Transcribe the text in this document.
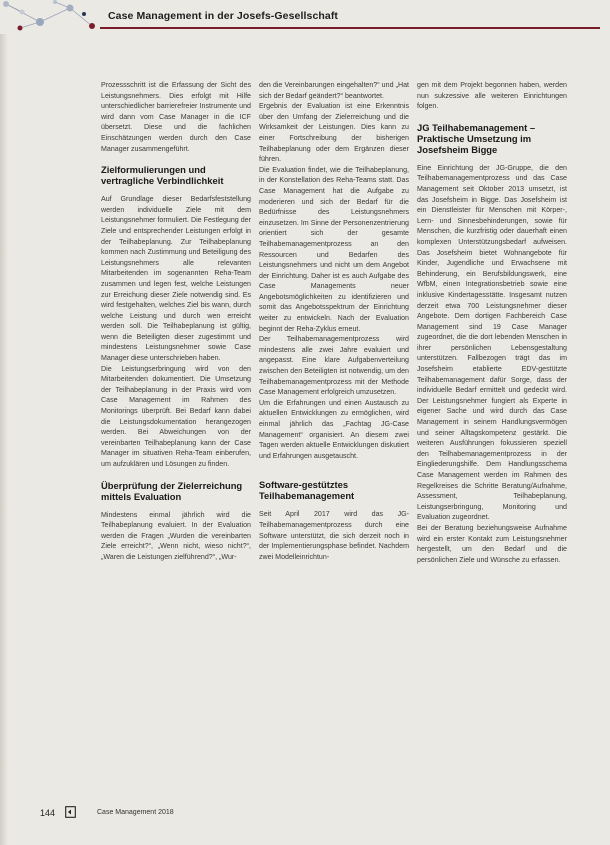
Case Management in der Josefs-Gesellschaft

Prozessschritt ist die Erfassung der Sicht des Leistungsnehmers. Dies erfolgt mit Hilfe unterschiedlicher barrierefreier Instrumente und wird dann vom Case Manager in die ICF übersetzt. Diese und die fachlichen Einschätzungen werden durch den Case Manager zusammengeführt.

Zielformulierungen und vertragliche Verbindlichkeit

Auf Grundlage dieser Bedarfsfeststellung werden individuelle Ziele mit dem Leistungsnehmer formuliert. Die Festlegung der Ziele und entsprechender Leistungen erfolgt in der Teilhabeplanung. Zur Teilhabeplanung kommen nach Zustimmung und Beteiligung des Leistungsnehmers alle relevanten Mitarbeitenden im sogenannten Reha-Team zusammen und legen fest, welche Leistungen zur Erreichung dieser Ziele notwendig sind. Es wird festgehalten, welches Ziel bis wann, durch welche Leistung und durch wen erreicht werden soll. Die Teilhabeplanung ist gültig, wenn die Beteiligten dieser zugestimmt und mindestens Leistungsnehmer sowie Case Manager diese unterschrieben haben.

Die Leistungserbringung wird von den Mitarbeitenden dokumentiert. Die Umsetzung der Teilhabeplanung in der Praxis wird vom Case Management im Rahmen des Monitorings überprüft. Bei Bedarf kann dabei die Leistungsdokumentation herangezogen werden. Bei Abweichungen von der vereinbarten Teilhabeplanung kann der Case Manager im situativen Reha-Team einberufen, um aufzuklären und Lösungen zu finden.

Überprüfung der Zielerreichung mittels Evaluation

Mindestens einmal jährlich wird die Teilhabeplanung evaluiert. In der Evaluation werden die Fragen „Wurden die vereinbarten Ziele erreicht?“, „Wenn nicht, wieso nicht?“, „Waren die Leistungen zielführend?“, „Wur-

den die Vereinbarungen eingehalten?“ und „Hat sich der Bedarf geändert?“ beantwortet.

Ergebnis der Evaluation ist eine Erkenntnis über den Umfang der Zielerreichung und die Wirksamkeit der Leistungen. Dies kann zu einer Fortschreibung der bisherigen Teilhabeplanung oder dem Ergänzen dieser führen.

Die Evaluation findet, wie die Teilhabeplanung, in der Konstellation des Reha-Teams statt. Das Case Management hat die Aufgabe zu moderieren und sich der Bedarf für die Bedürfnisse des Leistungsnehmers einzusetzen. Im Sinne der Personenzentrierung orientiert sich der gesamte Teilhabemanagementprozess an den Ressourcen und Bedarfen des Leistungsnehmers und nicht um dem Angebot der Einrichtung. Daher ist es auch Aufgabe des Case Managements neuer Angebotsmöglichkeiten zu identifizieren und somit das Angebotsspektrum der Einrichtung weiter zu entwickeln. Nach der Evaluation beginnt der Reha-Zyklus erneut.

Der Teilhabemanagementprozess wird mindestens alle zwei Jahre evaluiert und angepasst. Eine klare Aufgabenverteilung zwischen den Beteiligten ist notwendig, um den Teilhabemanagementprozess mit der Methode Case Management erfolgreich umzusetzen.

Um die Erfahrungen und einen Austausch zu aktuellen Entwicklungen zu ermöglichen, wird einmal jährlich das „Fachtag JG-Case Management“ organisiert. An diesem zwei Tagen werden aktuelle Entwicklungen diskutiert und Erfahrungen ausgetauscht.

Software-gestütztes Teilhabemanagement

Seit April 2017 wird das JG-Teilhabemanagementprozess durch eine Software unterstützt, die sich derzeit noch in der Implementierungsphase befindet. Nachdem zwei Modelleinrichtun-

gen mit dem Projekt begonnen haben, werden nun sukzessive alle weiteren Einrichtungen folgen.

JG Teilhabemanagement – Praktische Umsetzung im Josefsheim Bigge

Eine Einrichtung der JG-Gruppe, die den Teilhabemanagementprozess und das Case Management seit Oktober 2013 umsetzt, ist das Josefsheim in Bigge. Das Josefsheim ist ein Dienstleister für Menschen mit Körper-, Lern- und Sinnesbehinderungen, sowie für Menschen, die kurzfristig oder dauerhaft einen komplexen Unterstützungsbedarf aufweisen. Das Josefsheim bietet Wohnangebote für Kinder, Jugendliche und Erwachsene mit Behinderung, ein Berufsbildungswerk, eine WfbM, einen Integrationsbetrieb sowie eine inklusive Kindertagesstätte. Insgesamt nutzen derzeit etwa 700 Leistungsnehmer dieser Angebote. Dem dortigen Fachbereich Case Management sind 19 Case Manager zugeordnet, die die dort lebenden Menschen in ihrer persönlichen Lebensgestaltung unterstützen. Fallbezogen trägt das im Josefsheim etablierte EDV-gestützte Teilhabemanagement dafür Sorge, dass der individuelle Bedarf ermittelt und gedeckt wird. Der Leistungsnehmer fungiert als Experte in eigener Sache und wird durch das Case Management in seinem Handlungsvermögen und seiner Alltagskompetenz gestärkt. Die weiteren Ausführungen fokussieren speziell den Teilhabemanagementprozess in der Eingliederungshilfe. Dem Handlungsschema Case Management werden im Rahmen des Regelkreises die Schritte Beratung/Aufnahme, Assessment, Teilhabeplanung, Leistungserbringung, Monitoring und Evaluation zugeordnet.

Bei der Beratung beziehungsweise Aufnahme wird ein erster Kontakt zum Leistungsnehmer hergestellt, um den Bedarf und die persönlichen Ziele und Wünsche zu erfassen.

144	Case Management 2018
